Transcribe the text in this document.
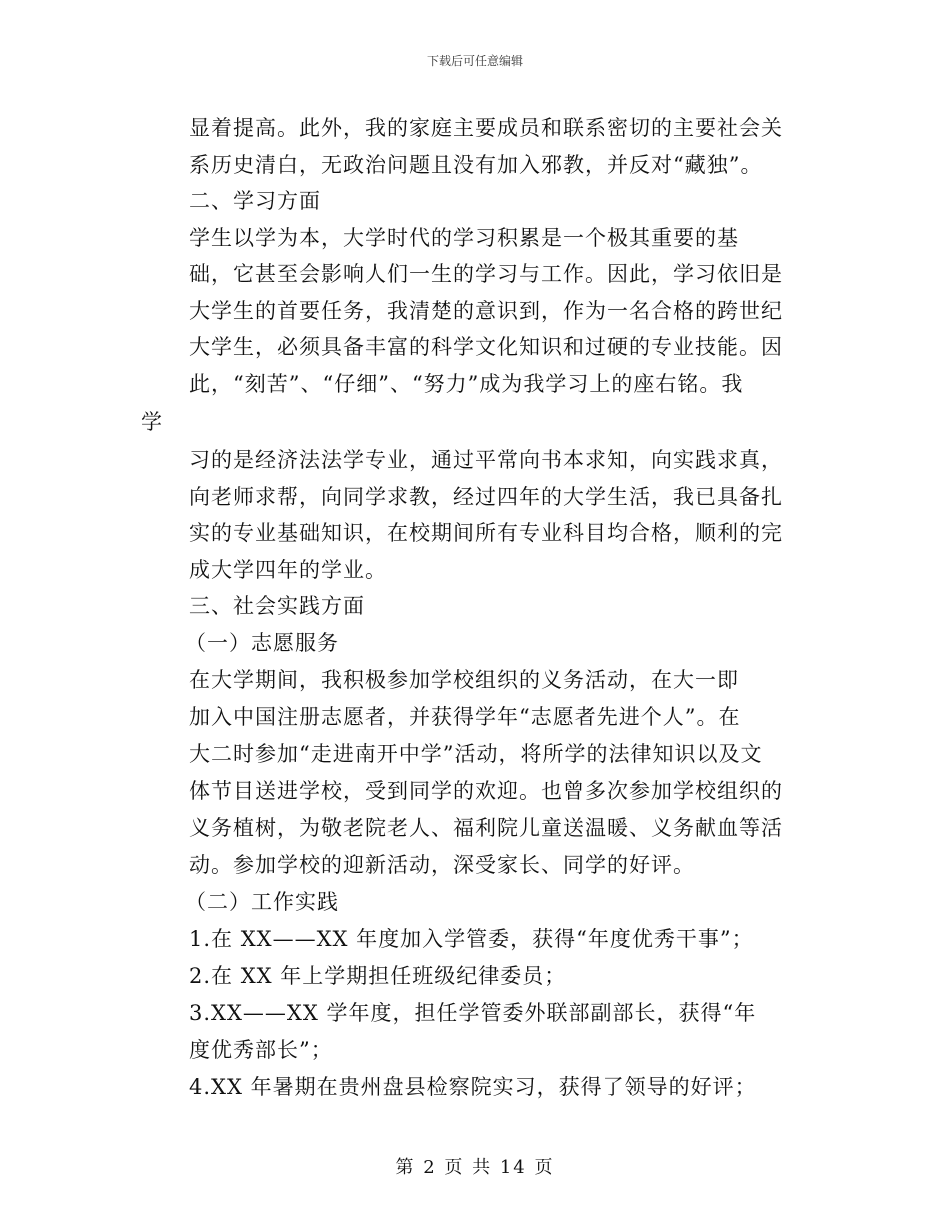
下载后可任意编辑
显着提高。此外，我的家庭主要成员和联系密切的主要社会关
系历史清白，无政治问题且没有加入邪教，并反对“藏独”。
二、学习方面
学生以学为本，大学时代的学习积累是一个极其重要的基
础，它甚至会影响人们一生的学习与工作。因此，学习依旧是
大学生的首要任务，我清楚的意识到，作为一名合格的跨世纪
大学生，必须具备丰富的科学文化知识和过硬的专业技能。因
此，“刻苦”、“仔细”、“努力”成为我学习上的座右铭。我
学
习的是经济法法学专业，通过平常向书本求知，向实践求真，
向老师求帮，向同学求教，经过四年的大学生活，我已具备扎
实的专业基础知识，在校期间所有专业科目均合格，顺利的完
成大学四年的学业。
三、社会实践方面
（一）志愿服务
在大学期间，我积极参加学校组织的义务活动，在大一即
加入中国注册志愿者，并获得学年“志愿者先进个人”。在
大二时参加“走进南开中学”活动，将所学的法律知识以及文
体节目送进学校，受到同学的欢迎。也曾多次参加学校组织的
义务植树，为敬老院老人、福利院儿童送温暖、义务献血等活
动。参加学校的迎新活动，深受家长、同学的好评。
（二）工作实践
1.在 XX——XX 年度加入学管委，获得“年度优秀干事”；
2.在 XX 年上学期担任班级纪律委员；
3.XX——XX 学年度，担任学管委外联部副部长，获得“年
度优秀部长”；
4.XX 年暑期在贵州盘县检察院实习，获得了领导的好评；
第 2 页 共 14 页
